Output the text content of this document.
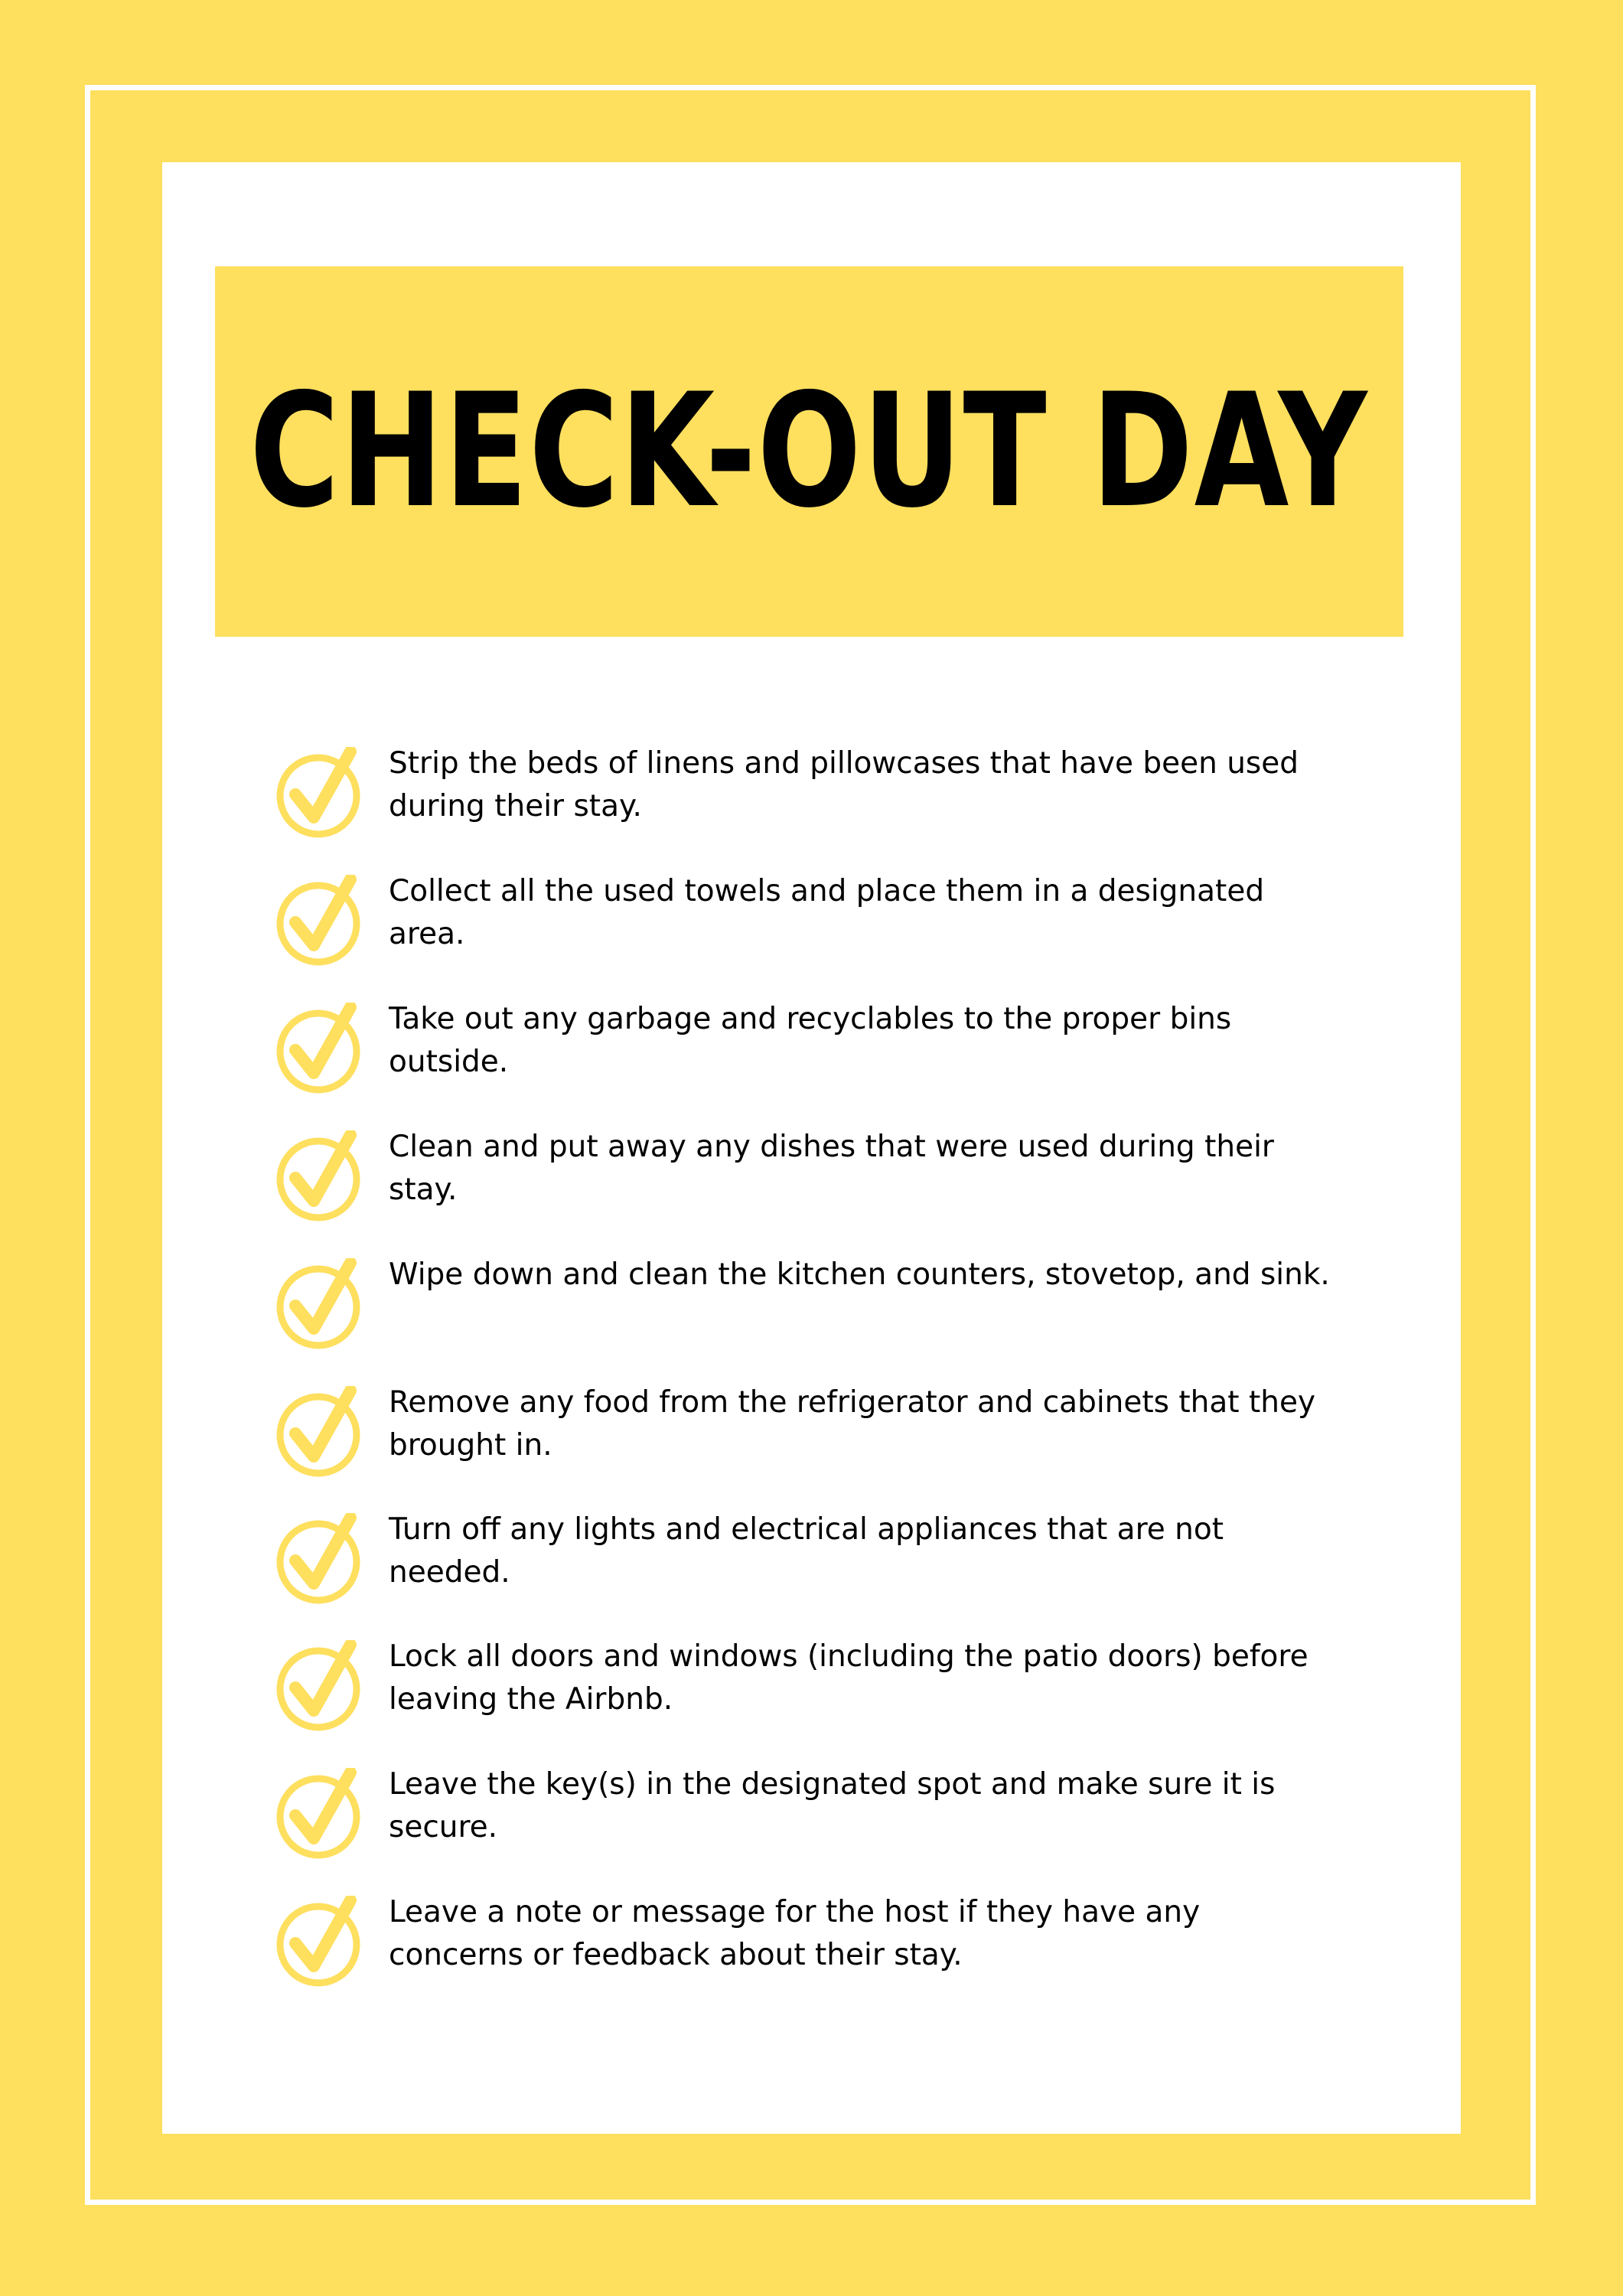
CHECK-OUT DAY

Strip the beds of linens and pillowcases that have been used during their stay.

Collect all the used towels and place them in a designated area.

Take out any garbage and recyclables to the proper bins outside.

Clean and put away any dishes that were used during their stay.

Wipe down and clean the kitchen counters, stovetop, and sink.

Remove any food from the refrigerator and cabinets that they brought in.

Turn off any lights and electrical appliances that are not needed.

Lock all doors and windows (including the patio doors) before leaving the Airbnb.

Leave the key(s) in the designated spot and make sure it is secure.

Leave a note or message for the host if they have any concerns or feedback about their stay.
